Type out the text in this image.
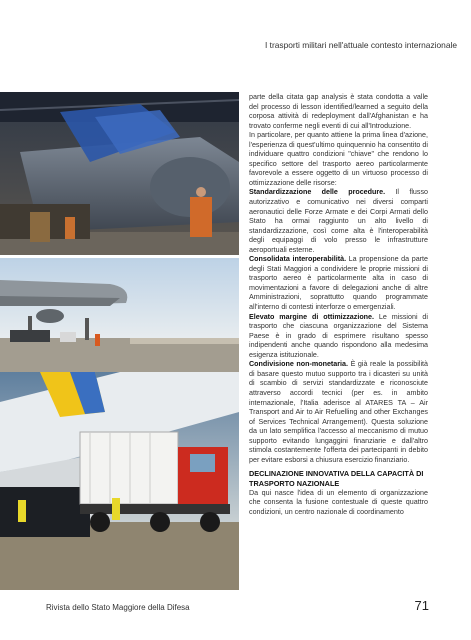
I trasporti militari nell'attuale contesto internazionale

parte della citata gap analysis è stata condotta a valle del processo di lesson identified/learned a seguito della corposa attività di redeployment dall'Afghanistan e ha trovato conferme negli eventi di cui all'Introduzione.

In particolare, per quanto attiene la prima linea d'azione, l'esperienza di quest'ultimo quinquennio ha consentito di individuare quattro condizioni "chiave" che rendono lo specifico settore del trasporto aereo particolarmente favorevole a essere oggetto di un virtuoso processo di ottimizzazione delle risorse:

Standardizzazione delle procedure. Il flusso autorizzativo e comunicativo nei diversi comparti aeronautici delle Forze Armate e dei Corpi Armati dello Stato ha ormai raggiunto un alto livello di standardizzazione, così come alta è l'interoperabilità degli equipaggi di volo presso le infrastrutture aeroportuali esterne.

Consolidata interoperabilità. La propensione da parte degli Stati Maggiori a condividere le proprie missioni di trasporto aereo è particolarmente alta in caso di movimentazioni a favore di delegazioni anche di altre Amministrazioni, soprattutto quando programmate all'interno di contesti interforze o emergenziali.

Elevato margine di ottimizzazione. Le missioni di trasporto che ciascuna organizzazione del Sistema Paese è in grado di esprimere risultano spesso indipendenti anche quando rispondono alla medesima esigenza istituzionale.

Condivisione non-monetaria. È già reale la possibilità di basare questo mutuo supporto tra i dicasteri su unità di scambio di servizi standardizzate e riconosciute attraverso accordi tecnici (per es. in ambito internazionale, l'Italia aderisce al ATARES TA – Air Transport and Air to Air Refuelling and other Exchanges of Services Technical Arrangement). Questa soluzione da un lato semplifica l'accesso al meccanismo di mutuo supporto evitando lungaggini finanziarie e dall'altro stimola costantemente l'offerta dei partecipanti in debito per evitare esborsi a chiusura esercizio finanziario.

DECLINAZIONE INNOVATIVA DELLA CAPACITÀ DI TRASPORTO NAZIONALE

Da qui nasce l'idea di un elemento di organizzazione che consenta la fusione contestuale di queste quattro condizioni, un centro nazionale di coordinamento

Rivista dello Stato Maggiore della Difesa	71
